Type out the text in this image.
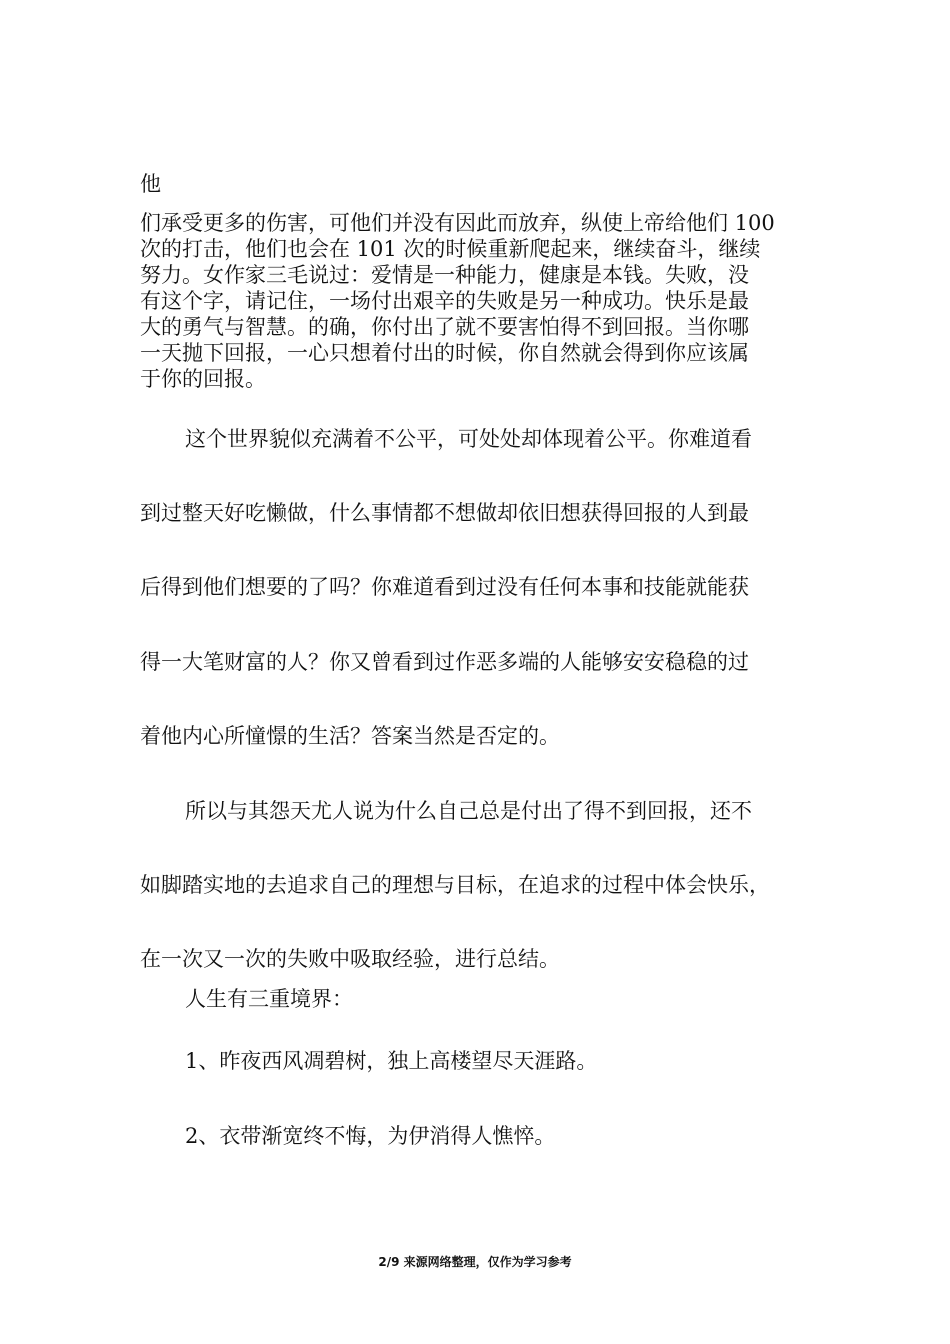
他

们承受更多的伤害，可他们并没有因此而放弃，纵使上帝给他们 100

次的打击，他们也会在 101 次的时候重新爬起来，继续奋斗，继续

努力。女作家三毛说过：爱情是一种能力，健康是本钱。失败，没

有这个字，请记住，一场付出艰辛的失败是另一种成功。快乐是最

大的勇气与智慧。的确，你付出了就不要害怕得不到回报。当你哪

一天抛下回报，一心只想着付出的时候，你自然就会得到你应该属

于你的回报。

这个世界貌似充满着不公平，可处处却体现着公平。你难道看

到过整天好吃懒做，什么事情都不想做却依旧想获得回报的人到最

后得到他们想要的了吗？你难道看到过没有任何本事和技能就能获

得一大笔财富的人？你又曾看到过作恶多端的人能够安安稳稳的过

着他内心所憧憬的生活？答案当然是否定的。

所以与其怨天尤人说为什么自己总是付出了得不到回报，还不

如脚踏实地的去追求自己的理想与目标，在追求的过程中体会快乐，

在一次又一次的失败中吸取经验，进行总结。

人生有三重境界：

1、昨夜西风凋碧树，独上高楼望尽天涯路。

2、衣带渐宽终不悔，为伊消得人憔悴。

2/9 来源网络整理，仅作为学习参考
